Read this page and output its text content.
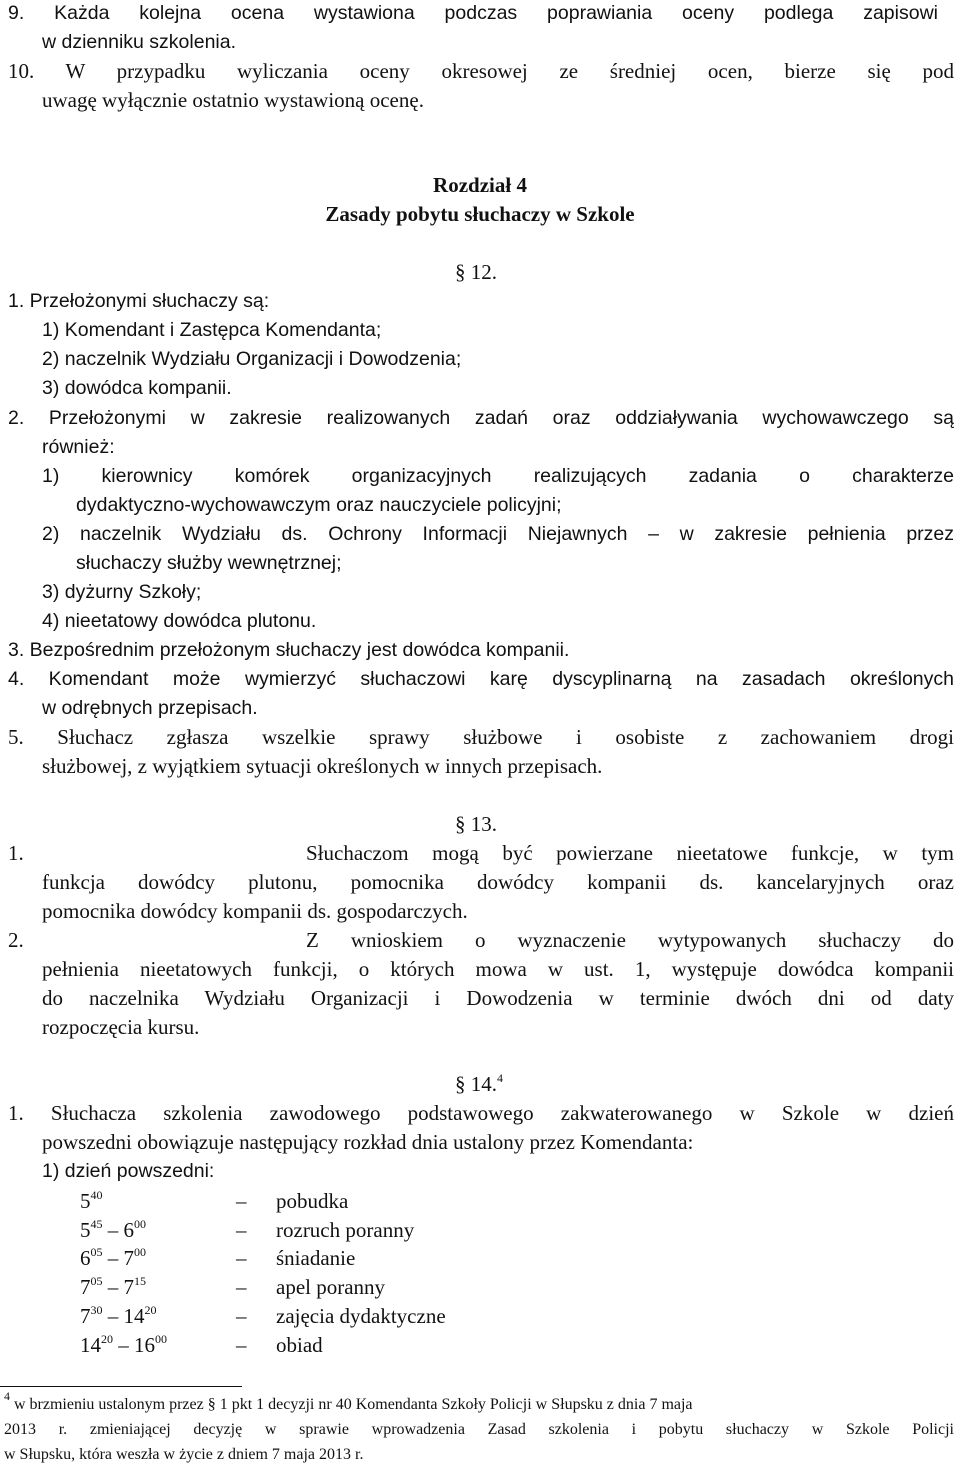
9. Każda kolejna ocena wystawiona podczas poprawiania oceny podlega zapisowi
w dzienniku szkolenia.
10. W przypadku wyliczania oceny okresowej ze średniej ocen, bierze się pod
uwagę wyłącznie ostatnio wystawioną ocenę.
Rozdział 4
Zasady pobytu słuchaczy w Szkole
§ 12.
1. Przełożonymi słuchaczy są:
1) Komendant i Zastępca Komendanta;
2) naczelnik Wydziału Organizacji i Dowodzenia;
3) dowódca kompanii.
2. Przełożonymi w zakresie realizowanych zadań oraz oddziaływania wychowawczego są
również:
1) kierownicy komórek organizacyjnych realizujących zadania o charakterze
dydaktyczno-wychowawczym oraz nauczyciele policyjni;
2) naczelnik Wydziału ds. Ochrony Informacji Niejawnych – w zakresie pełnienia przez
słuchaczy służby wewnętrznej;
3) dyżurny Szkoły;
4) nieetatowy dowódca plutonu.
3. Bezpośrednim przełożonym słuchaczy jest dowódca kompanii.
4. Komendant może wymierzyć słuchaczowi karę dyscyplinarną na zasadach określonych
w odrębnych przepisach.
5. Słuchacz zgłasza wszelkie sprawy służbowe i osobiste z zachowaniem drogi
służbowej, z wyjątkiem sytuacji określonych w innych przepisach.
§ 13.
1.	Słuchaczom mogą być powierzane nieetatowe funkcje, w tym
funkcja dowódcy plutonu, pomocnika dowódcy kompanii ds. kancelaryjnych oraz
pomocnika dowódcy kompanii ds. gospodarczych.
2.	Z wnioskiem o wyznaczenie wytypowanych słuchaczy do
pełnienia nieetatowych funkcji, o których mowa w ust. 1, występuje dowódca kompanii
do naczelnika Wydziału Organizacji i Dowodzenia w terminie dwóch dni od daty
rozpoczęcia kursu.
§ 14.$^4$
1. Słuchacza szkolenia zawodowego podstawowego zakwaterowanego w Szkole w dzień
powszedni obowiązuje następujący rozkład dnia ustalony przez Komendanta:
1) dzień powszedni:
$5^{40}$	– pobudka
$5^{45} - 6^{00}$	– rozruch poranny
$6^{05} - 7^{00}$	– śniadanie
$7^{05} - 7^{15}$	– apel poranny
$7^{30} - 14^{20}$	– zajęcia dydaktyczne
$14^{20} - 16^{00}$	– obiad
$^4$ w brzmieniu ustalonym przez § 1 pkt 1 decyzji nr 40 Komendanta Szkoły Policji w Słupsku z dnia 7 maja
2013 r. zmieniającej decyzję w sprawie wprowadzenia Zasad szkolenia i pobytu słuchaczy w Szkole Policji
w Słupsku, która weszła w życie z dniem 7 maja 2013 r.
